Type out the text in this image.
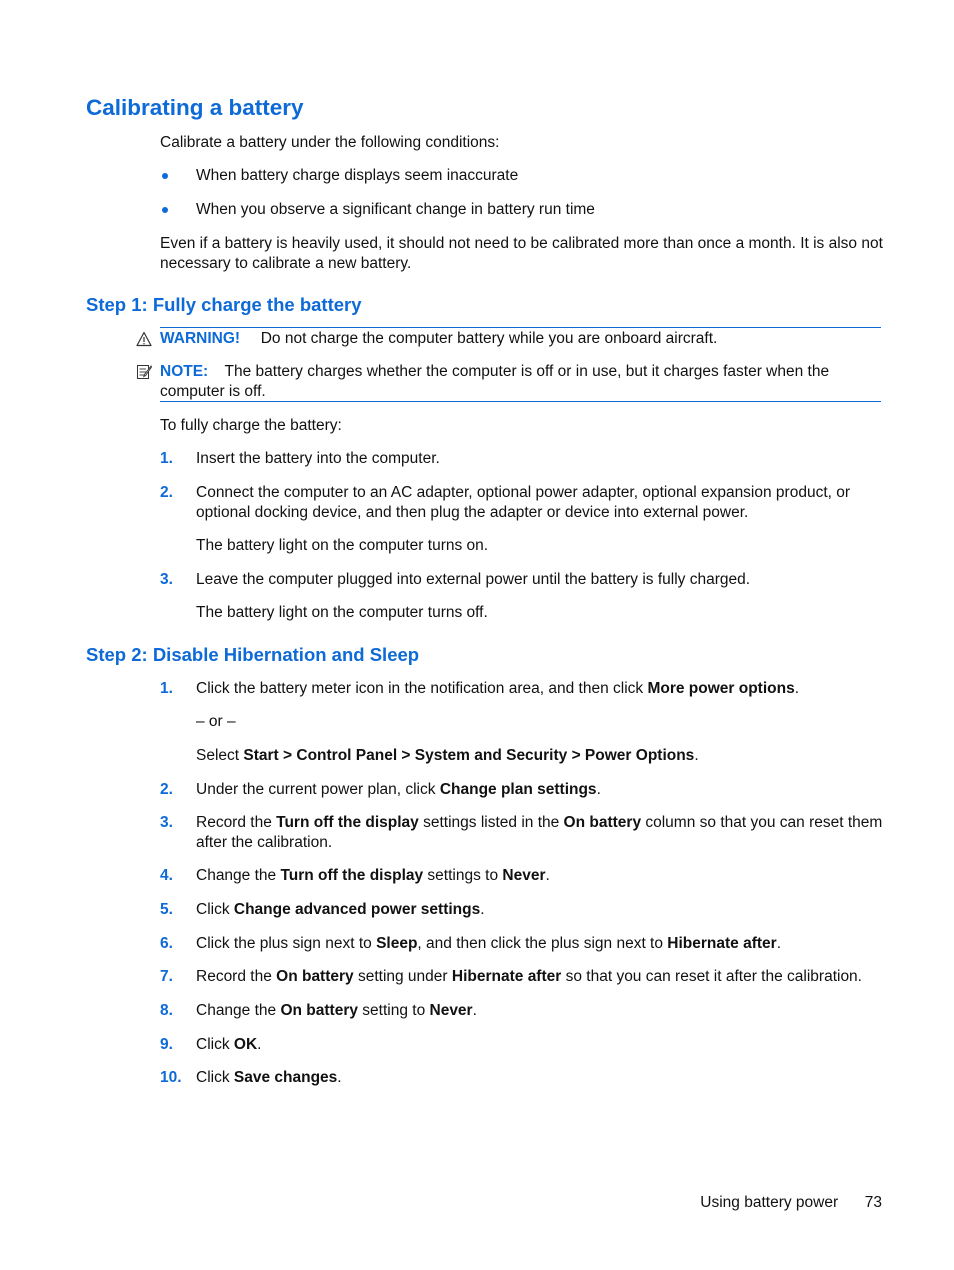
Calibrating a battery
Calibrate a battery under the following conditions:
When battery charge displays seem inaccurate
When you observe a significant change in battery run time
Even if a battery is heavily used, it should not need to be calibrated more than once a month. It is also not necessary to calibrate a new battery.
Step 1: Fully charge the battery
WARNING! Do not charge the computer battery while you are onboard aircraft.
NOTE: The battery charges whether the computer is off or in use, but it charges faster when the computer is off.
To fully charge the battery:
1. Insert the battery into the computer.
2. Connect the computer to an AC adapter, optional power adapter, optional expansion product, or optional docking device, and then plug the adapter or device into external power.
The battery light on the computer turns on.
3. Leave the computer plugged into external power until the battery is fully charged.
The battery light on the computer turns off.
Step 2: Disable Hibernation and Sleep
1. Click the battery meter icon in the notification area, and then click More power options.
– or –
Select Start > Control Panel > System and Security > Power Options.
2. Under the current power plan, click Change plan settings.
3. Record the Turn off the display settings listed in the On battery column so that you can reset them after the calibration.
4. Change the Turn off the display settings to Never.
5. Click Change advanced power settings.
6. Click the plus sign next to Sleep, and then click the plus sign next to Hibernate after.
7. Record the On battery setting under Hibernate after so that you can reset it after the calibration.
8. Change the On battery setting to Never.
9. Click OK.
10. Click Save changes.
Using battery power 73
